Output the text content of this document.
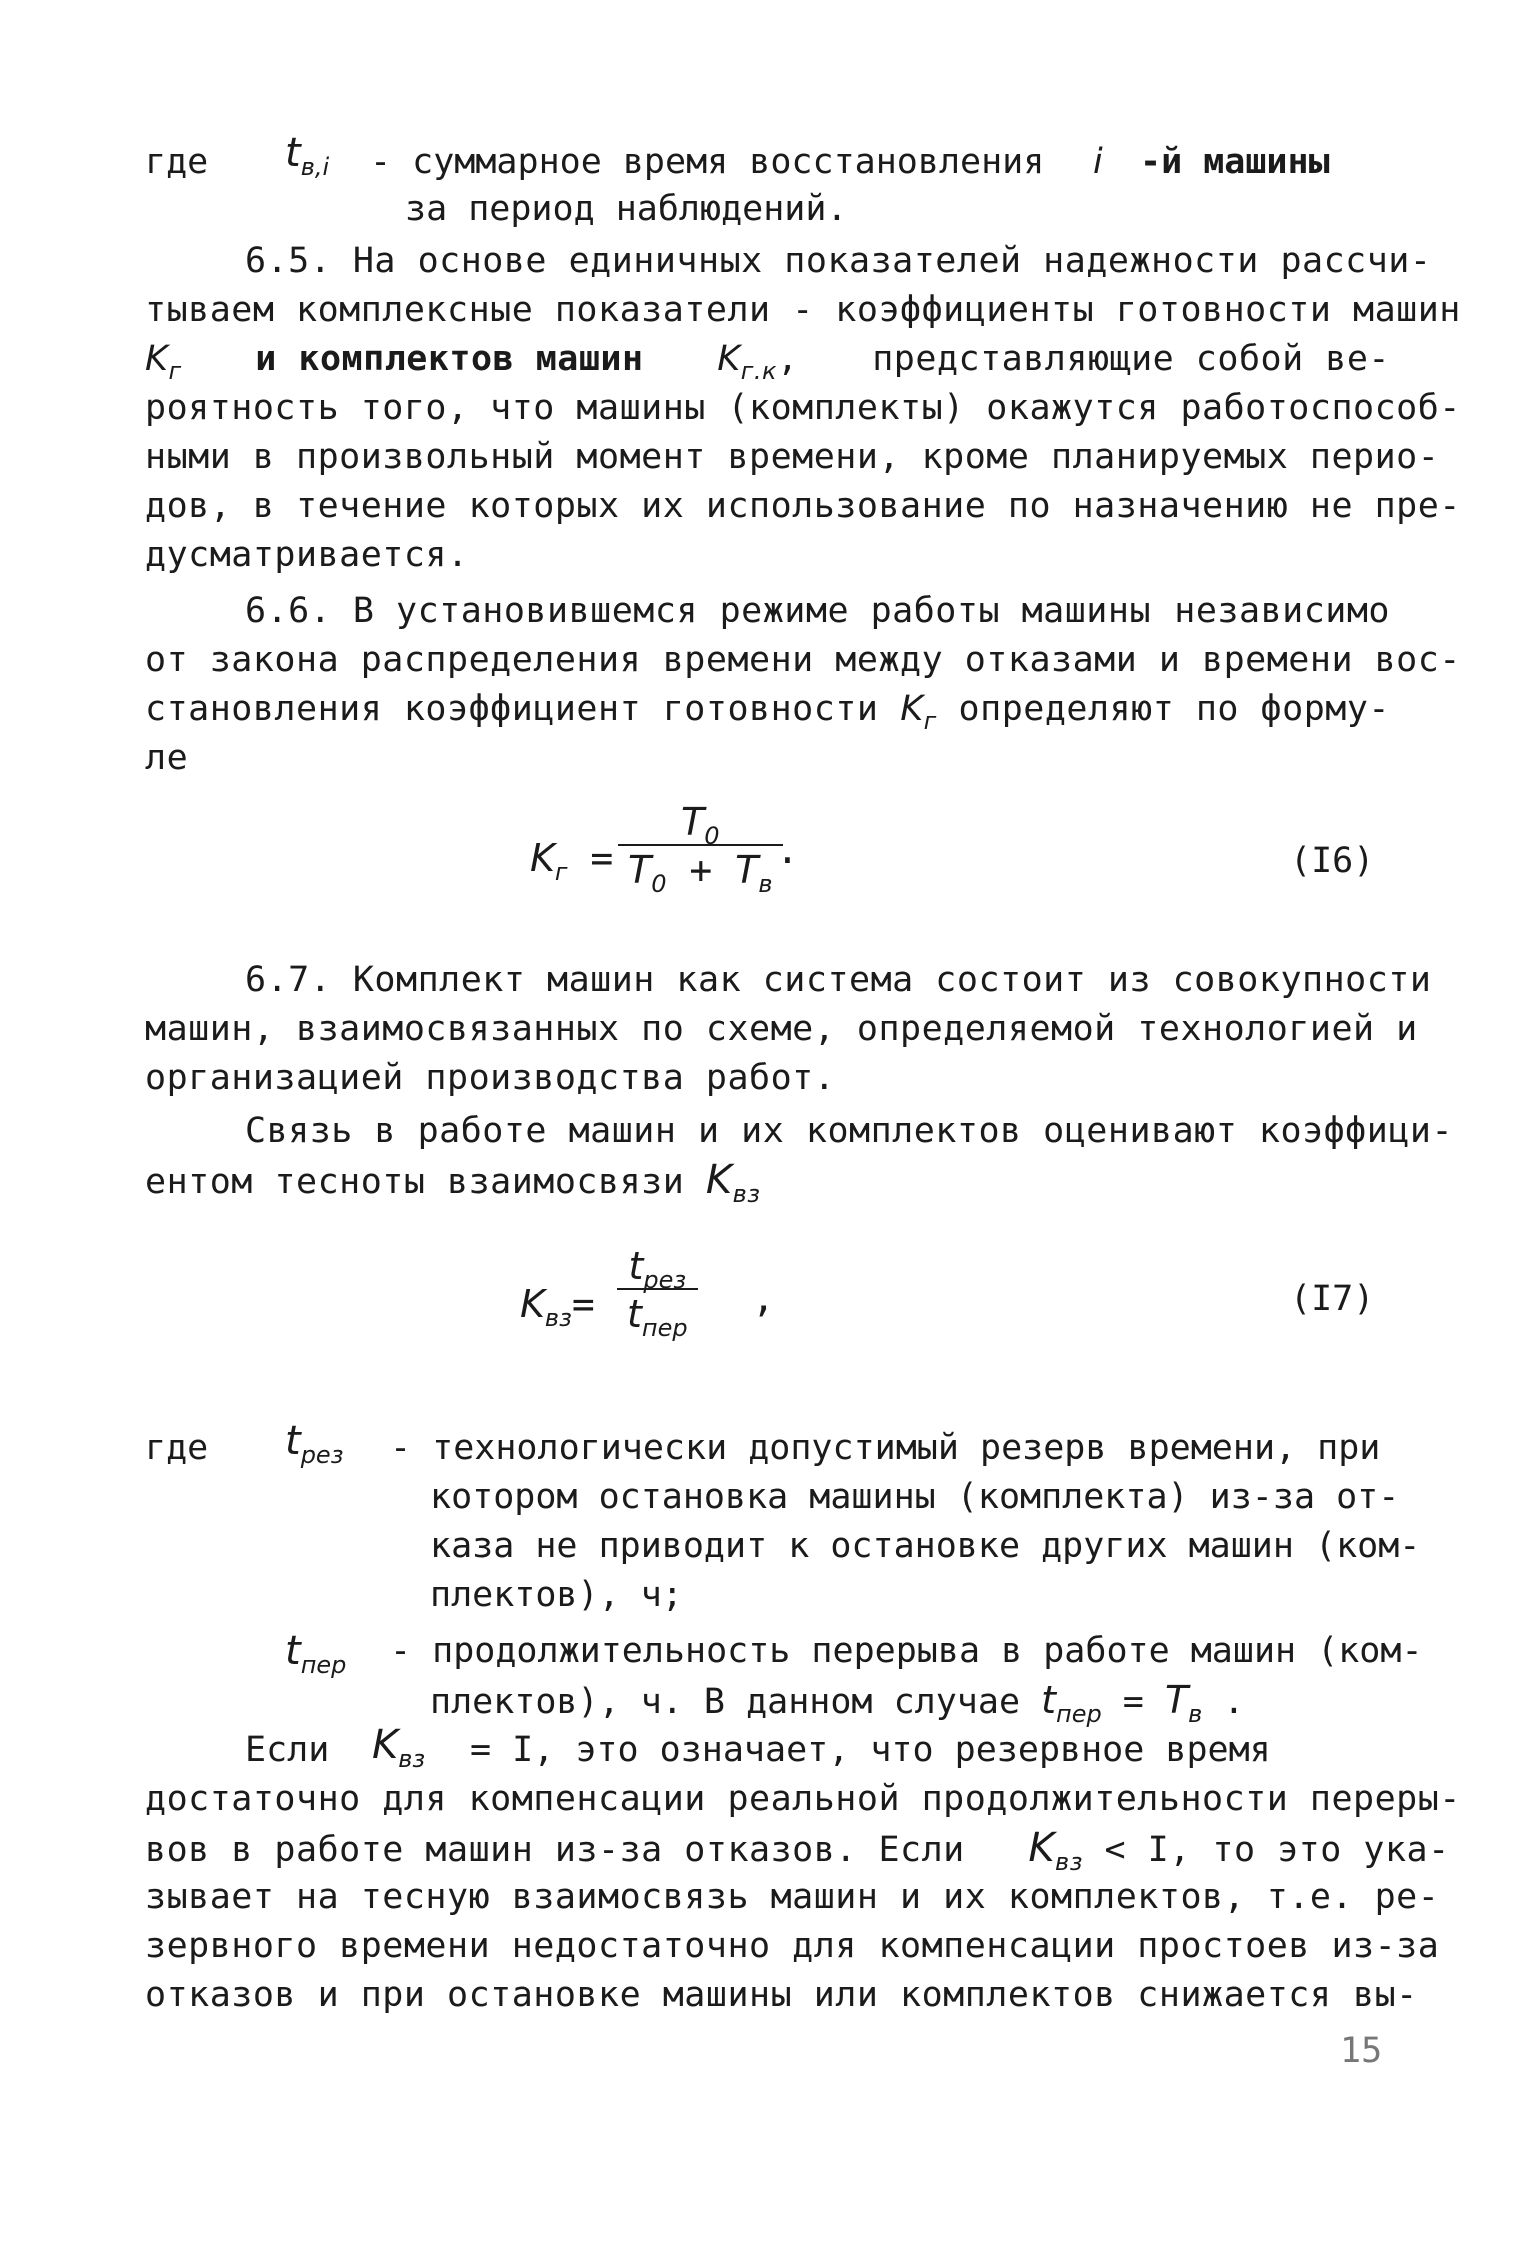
где $t_{в,i}$ - суммарное время восстановления i -й машины
за период наблюдений.
6.5. На основе единичных показателей надежности рассчи-
тываем комплексные показатели - коэффициенты готовности машин
$K_г$ и комплектов машин $K_{г.к}$, представляющие собой ве-
роятность того, что машины (комплекты) окажутся работоспособ-
ными в произвольный момент времени, кроме планируемых перио-
дов, в течение которых их использование по назначению не пре-
дусматривается.
6.6. В установившемся режиме работы машины независимо
от закона распределения времени между отказами и времени вос-
становления коэффициент готовности $K_г$ определяют по форму-
ле
$K_г$ =
$T_0$
$T_0 + T_в$
.	(I6)
6.7. Комплект машин как система состоит из совокупности
машин, взаимосвязанных по схеме, определяемой технологией и
организацией производства работ.
Связь в работе машин и их комплектов оценивают коэффици-
ентом тесноты взаимосвязи $K_{вз}$
$K_{вз}=$
$t_{рез}$
$t_{пер}$
,	(I7)
где $t_{рез}$ - технологически допустимый резерв времени, при
котором остановка машины (комплекта) из-за от-
каза не приводит к остановке других машин (ком-
плектов), ч;
$t_{пер}$ - продолжительность перерыва в работе машин (ком-
плектов), ч. В данном случае $t_{пер} = T_в$ .
Если $K_{вз} = I$, это означает, что резервное время
достаточно для компенсации реальной продолжительности переры-
вов в работе машин из-за отказов. Если $K_{вз} < I$, то это ука-
зывает на тесную взаимосвязь машин и их комплектов, т.е. ре-
зервного времени недостаточно для компенсации простоев из-за
отказов и при остановке машины или комплектов снижается вы-
15
